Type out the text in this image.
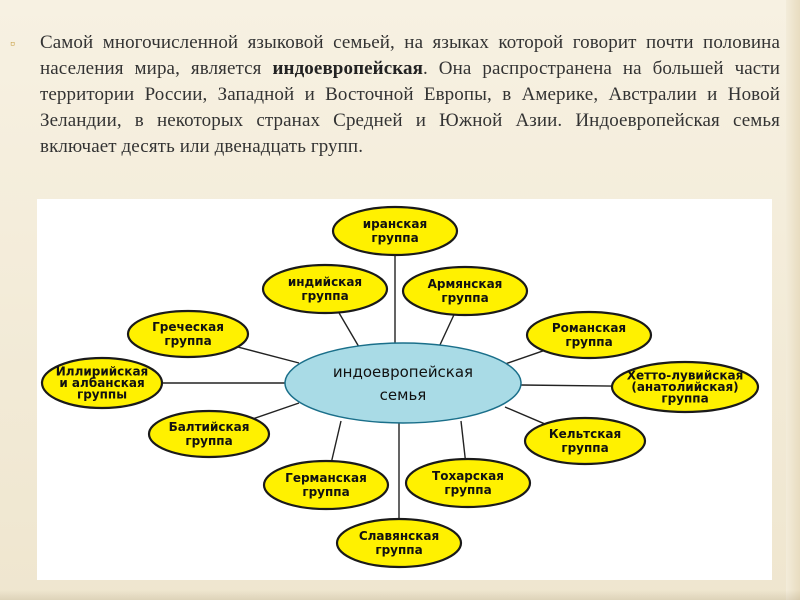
▫ Самой многочисленной языковой семьей, на языках которой говорит почти половина населения мира, является индоевропейская. Она распространена на большей части территории России, Западной и Восточной Европы, в Америке, Австралии и Новой Зеландии, в некоторых странах Средней и Южной Азии. Индоевропейская семья включает десять или двенадцать групп.

иранская
группа
индийская
группа
Армянская
группа
Греческая
группа
Романская
группа
Иллирийская
и албанская
группы
Хетто-лувийская
(анатолийская)
группа
Балтийская
группа	Кельтская
группа
Германская
группа
Тохарская
группа
Славянская
группа
индоевропейская
семья
